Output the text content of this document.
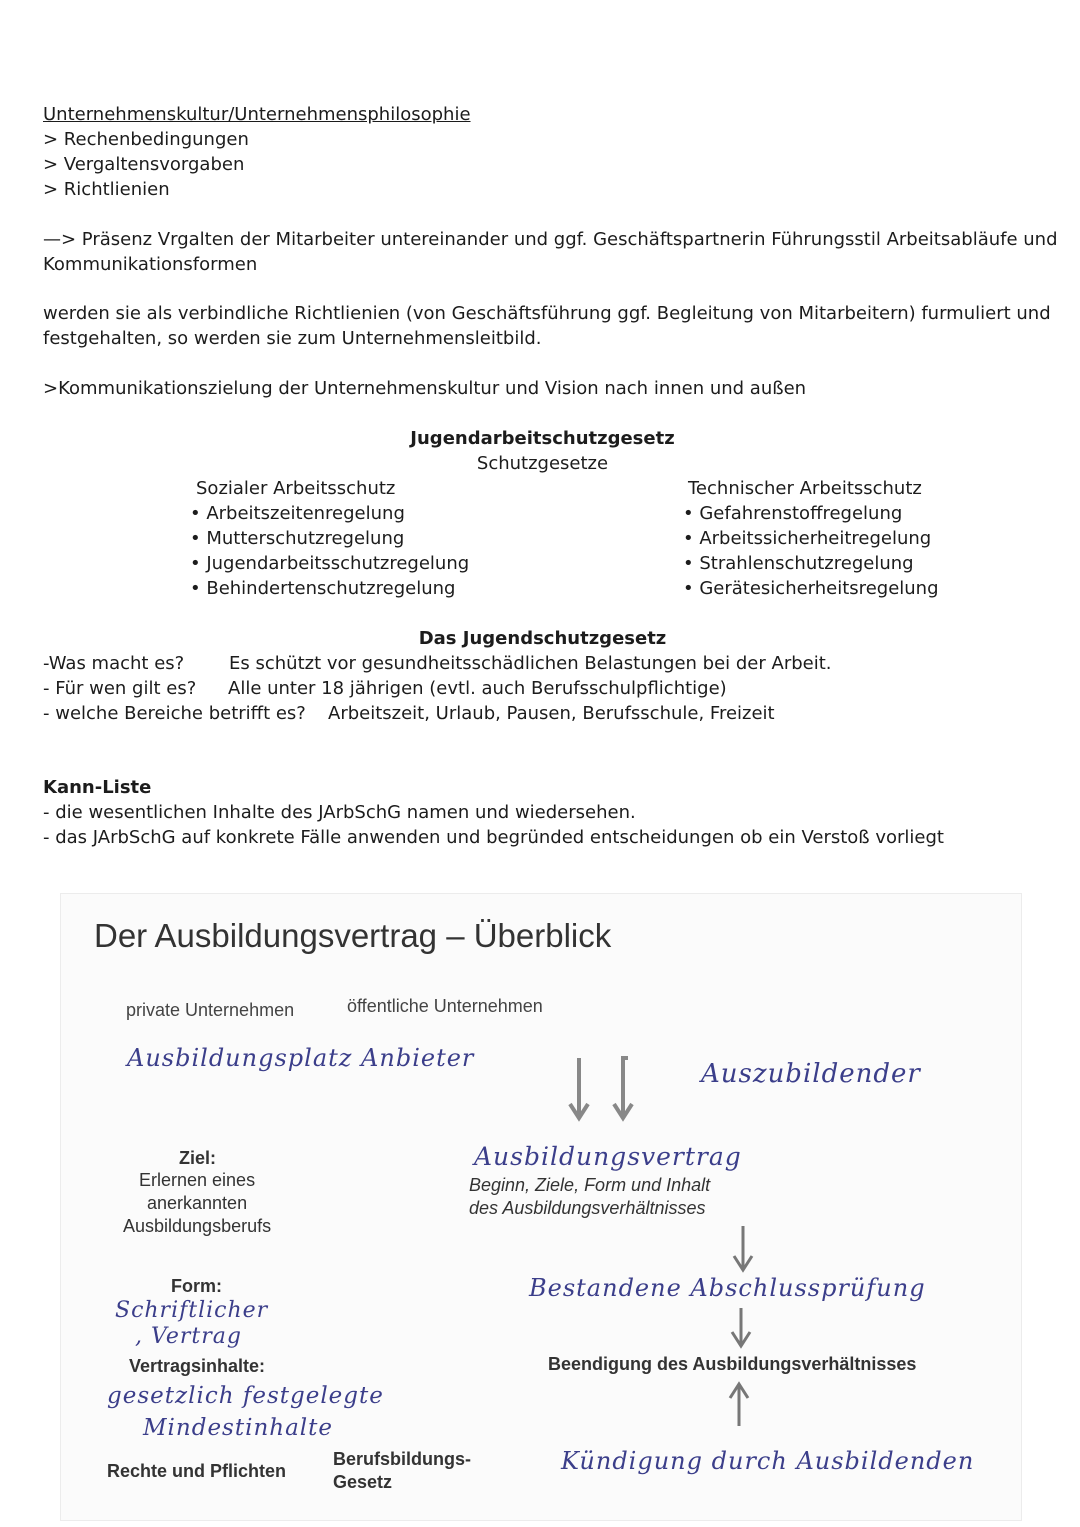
Unternehmenskultur/Unternehmensphilosophie
> Rechenbedingungen
> Vergaltensvorgaben
> Richtlienien
—> Präsenz Vrgalten der Mitarbeiter untereinander und ggf. Geschäftspartnerin Führungsstil Arbeitsabläufe und
Kommunikationsformen
werden sie als verbindliche Richtlienien (von Geschäftsführung ggf. Begleitung von Mitarbeitern) furmuliert und
festgehalten, so werden sie zum Unternehmensleitbild.
>Kommunikationszielung der Unternehmenskultur und Vision nach innen und außen
Jugendarbeitschutzgesetz
Schutzgesetze
Sozialer Arbeitsschutz
• Arbeitszeitenregelung
• Mutterschutzregelung
• Jugendarbeitsschutzregelung
• Behindertenschutzregelung
Technischer Arbeitsschutz
• Gefahrenstoffregelung
• Arbeitssicherheitregelung
• Strahlenschutzregelung
• Gerätesicherheitsregelung
Das Jugendschutzgesetz
-Was macht es? Es schützt vor gesundheitsschädlichen Belastungen bei der Arbeit.
- Für wen gilt es? Alle unter 18 jährigen (evtl. auch Berufsschulpflichtige)
- welche Bereiche betrifft es? Arbeitszeit, Urlaub, Pausen, Berufsschule, Freizeit
Kann-Liste
- die wesentlichen Inhalte des JArbSchG namen und wiedersehen.
- das JArbSchG auf konkrete Fälle anwenden und begründed entscheidungen ob ein Verstoß vorliegt
Der Ausbildungsvertrag – Überblick
private Unternehmen	öffentliche Unternehmen
Ausbildungsplatz Anbieter
Auszubildender
Ziel:
Erlernen eines
anerkannten
Ausbildungsberufs
Ausbildungsvertrag
Beginn, Ziele, Form und Inhalt
des Ausbildungsverhältnisses
Form:
Schriftlicher
, Vertrag
Bestandene Abschlussprüfung
Vertragsinhalte:	Beendigung des Ausbildungsverhältnisses
gesetzlich festgelegte
Mindestinhalte
Rechte und Pflichten
Berufsbildungs-
Gesetz
Kündigung durch Ausbildenden
